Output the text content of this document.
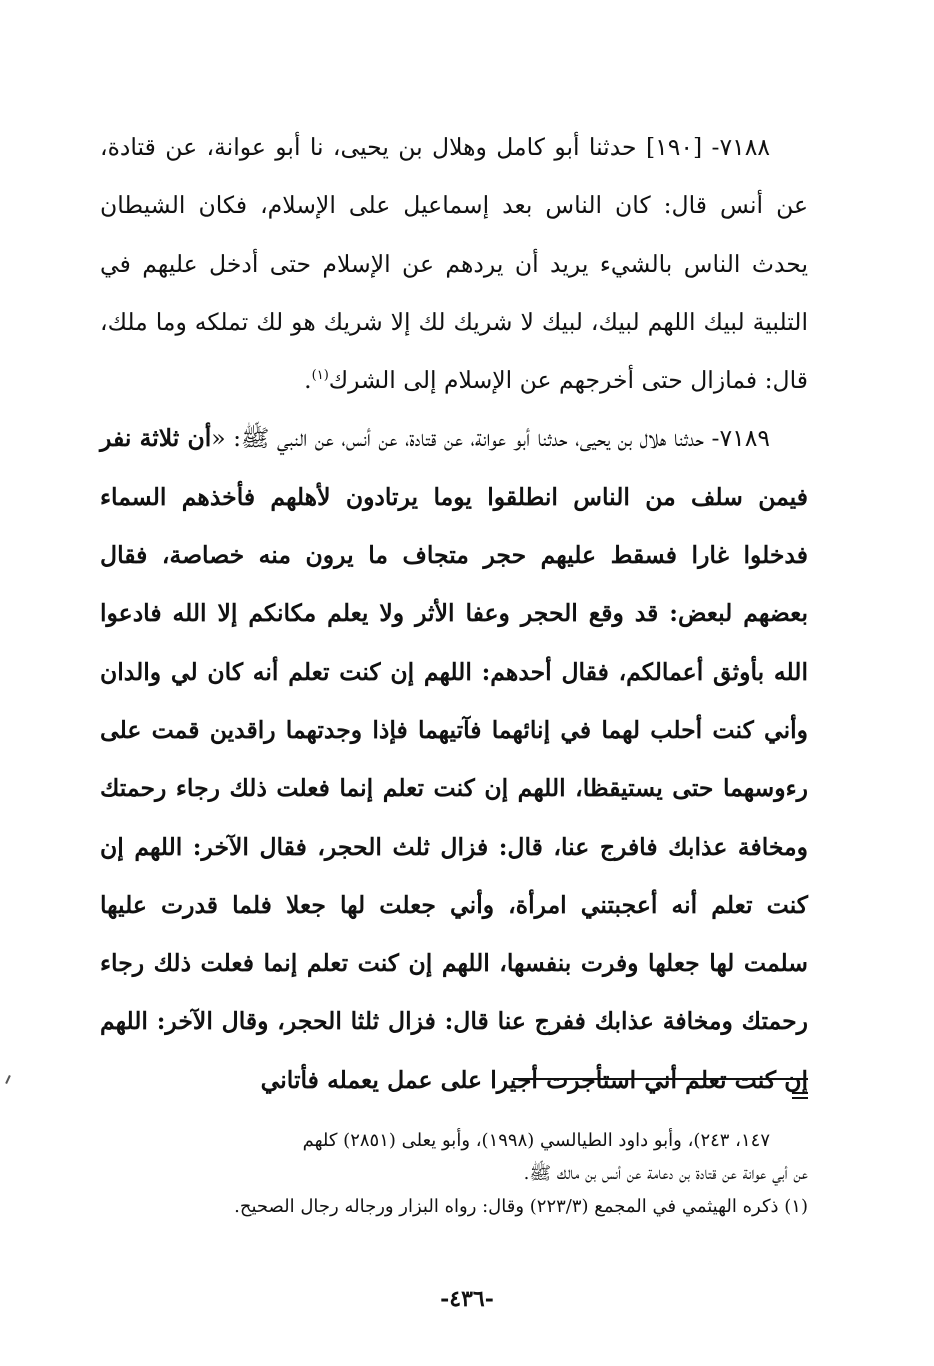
٧١٨٨- [١٩٠] حدثنا أبو كامل وهلال بن يحيى، نا أبو عوانة، عن قتادة، عن أنس قال: كان الناس بعد إسماعيل على الإسلام، فكان الشيطان يحدث الناس بالشيء يريد أن يردهم عن الإسلام حتى أدخل عليهم في التلبية لبيك اللهم لبيك، لبيك لا شريك لك إلا شريك هو لك تملكه وما ملك، قال: فمازال حتى أخرجهم عن الإسلام إلى الشرك$^{(١)}$.

٧١٨٩- حدثنا هلال بن يحيى، حدثنا أبو عوانة، عن قتادة، عن أنس، عن النبي ﷺ: «أن ثلاثة نفر فيمن سلف من الناس انطلقوا يوما يرتادون لأهلهم فأخذهم السماء فدخلوا غارا فسقط عليهم حجر متجاف ما يرون منه خصاصة، فقال بعضهم لبعض: قد وقع الحجر وعفا الأثر ولا يعلم مكانكم إلا الله فادعوا الله بأوثق أعمالكم، فقال أحدهم: اللهم إن كنت تعلم أنه كان لي والدان وأني كنت أحلب لهما في إنائهما فآتيهما فإذا وجدتهما راقدين قمت على رءوسهما حتى يستيقظا، اللهم إن كنت تعلم إنما فعلت ذلك رجاء رحمتك ومخافة عذابك فافرج عنا، قال: فزال ثلث الحجر، فقال الآخر: اللهم إن كنت تعلم أنه أعجبتني امرأة، وأني جعلت لها جعلا فلما قدرت عليها سلمت لها جعلها وفرت بنفسها، اللهم إن كنت تعلم إنما فعلت ذلك رجاء رحمتك ومخافة عذابك ففرج عنا قال: فزال ثلثا الحجر، وقال الآخر: اللهم إن كنت تعلم أني استأجرت أجيرا على عمل يعمله فأتاني

١٤٧، ٢٤٣)، وأبو داود الطيالسي (١٩٩٨)، وأبو يعلى (٢٨٥١) كلهم

عن أبي عوانة عن قتادة بن دعامة عن أنس بن مالك ﷺ.

(١) ذكره الهيثمي في المجمع (٢٢٣/٣) وقال: رواه البزار ورجاله رجال الصحيح.

-٤٣٦-
